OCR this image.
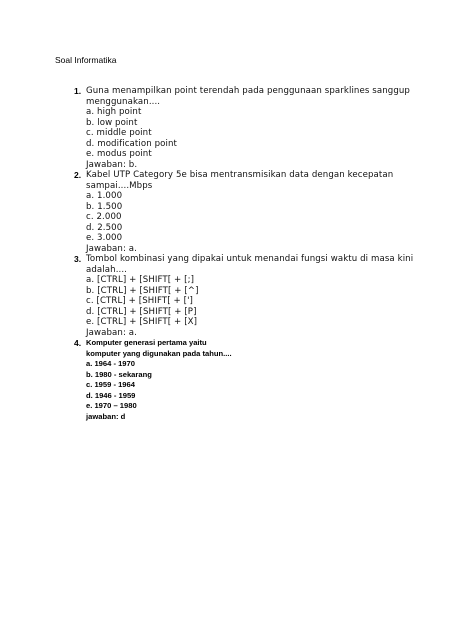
Soal Informatika
1. Guna menampilkan point terendah pada penggunaan sparklines sanggup
menggunakan....
a. high point
b. low point
c. middle point
d. modification point
e. modus point
Jawaban: b.
2. Kabel UTP Category 5e bisa mentransmisikan data dengan kecepatan
sampai....Mbps
a. 1.000
b. 1.500
c. 2.000
d. 2.500
e. 3.000
Jawaban: a.
3. Tombol kombinasi yang dipakai untuk menandai fungsi waktu di masa kini
adalah....
a. [CTRL] + [SHIFT[ + [;]
b. [CTRL] + [SHIFT[ + [^]
c. [CTRL] + [SHIFT[ + [']
d. [CTRL] + [SHIFT[ + [P]
e. [CTRL] + [SHIFT[ + [X]
Jawaban: a.
4. Komputer generasi pertama yaitu
komputer yang digunakan pada tahun....
a. 1964 - 1970
b. 1980 - sekarang
c. 1959 - 1964
d. 1946 - 1959
e. 1970 – 1980
jawaban: d
